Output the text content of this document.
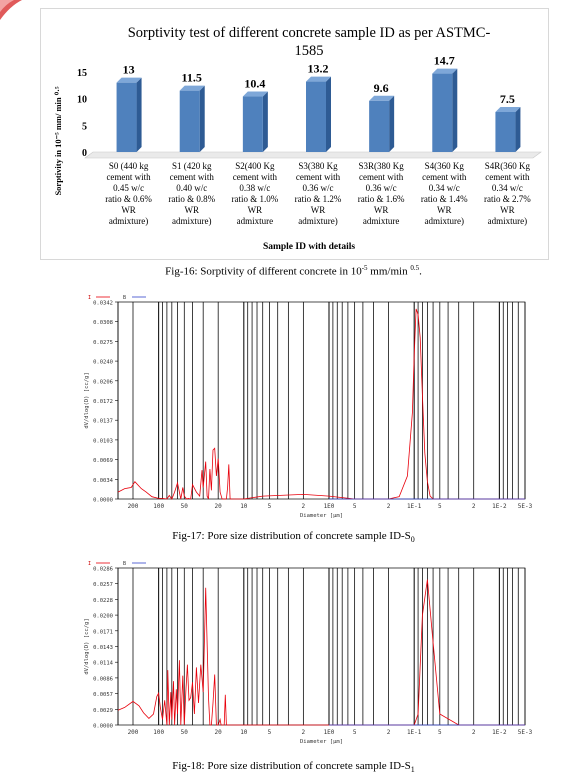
Sorptivity test of different concrete sample ID as per ASTMC-
1585
Sorptivity in 10⁻⁵ mm/ min ⁰·⁵
Sample ID with details
0
5
10
15	13
S0 (440 kg
cement with
0.45 w/c
ratio & 0.6%
WR
admixture)
11.5
S1 (420 kg
cement with
0.40 w/c
ratio & 0.8%
WR
admixture)
10.4
S2(400 Kg
cement with
0.38 w/c
ratio & 1.0%
WR
admixture
13.2
S3(380 Kg
cement with
0.36 w/c
ratio & 1.2%
WR
admixture)
9.6
S3R(380 Kg
cement with
0.36 w/c
ratio & 1.6%
WR
admixture
14.7
S4(360 Kg
cement with
0.34 w/c
ratio & 1.4%
WR
admixture)
7.5
S4R(360 Kg
cement with
0.34 w/c
ratio & 2.7%
WR
admixture)
Fig-16: Sorptivity of different concrete in $10^{-5}$ mm/min $^{0.5}$.
0.0342
0.0308
0.0275
0.0240
0.0206
0.0172
0.0137
0.0103
0.0069
0.0034
0.0000
200 100	50	20	10	5	2	1E0	5	2	1E-1	5	2	1E-2 5E-3
Diameter [µm]
dV/dlog(D) [cc/g]
I	B
Fig-17: Pore size distribution of concrete sample $ID-S_0$
0.0286
0.0257
0.0228
0.0200
0.0171
0.0143
0.0114
0.0086
0.0057
0.0029
0.0000
200 100	50	20	10	5	2	1E0	5	2	1E-1	5	2	1E-2 5E-3
Diameter [µm]
dV/dlog(D) [cc/g]
I	B
Fig-18: Pore size distribution of concrete sample $ID-S_1$
